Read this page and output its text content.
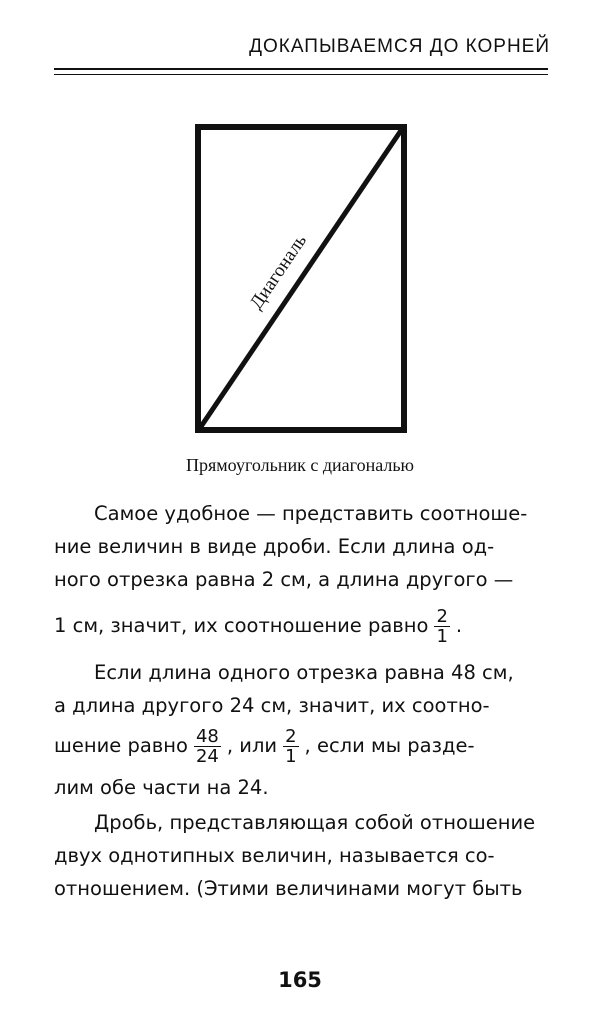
ДОКАПЫВАЕМСЯ ДО КОРНЕЙ
Диагональ
Прямоугольник с диагональю
Самое удобное — представить соотноше-
ние величин в виде дроби. Если длина од-
ного отрезка равна 2 см, а длина другого —
1 см, значит, их соотношение равно $\frac{2}{1}$ .
Если длина одного отрезка равна 48 см,
а длина другого 24 см, значит, их соотно-
шение равно $\frac{48}{24}$ , или $\frac{2}{1}$ , если мы разде-
лим обе части на 24.
Дробь, представляющая собой отношение
двух однотипных величин, называется со-
отношением. (Этими величинами могут быть
165
